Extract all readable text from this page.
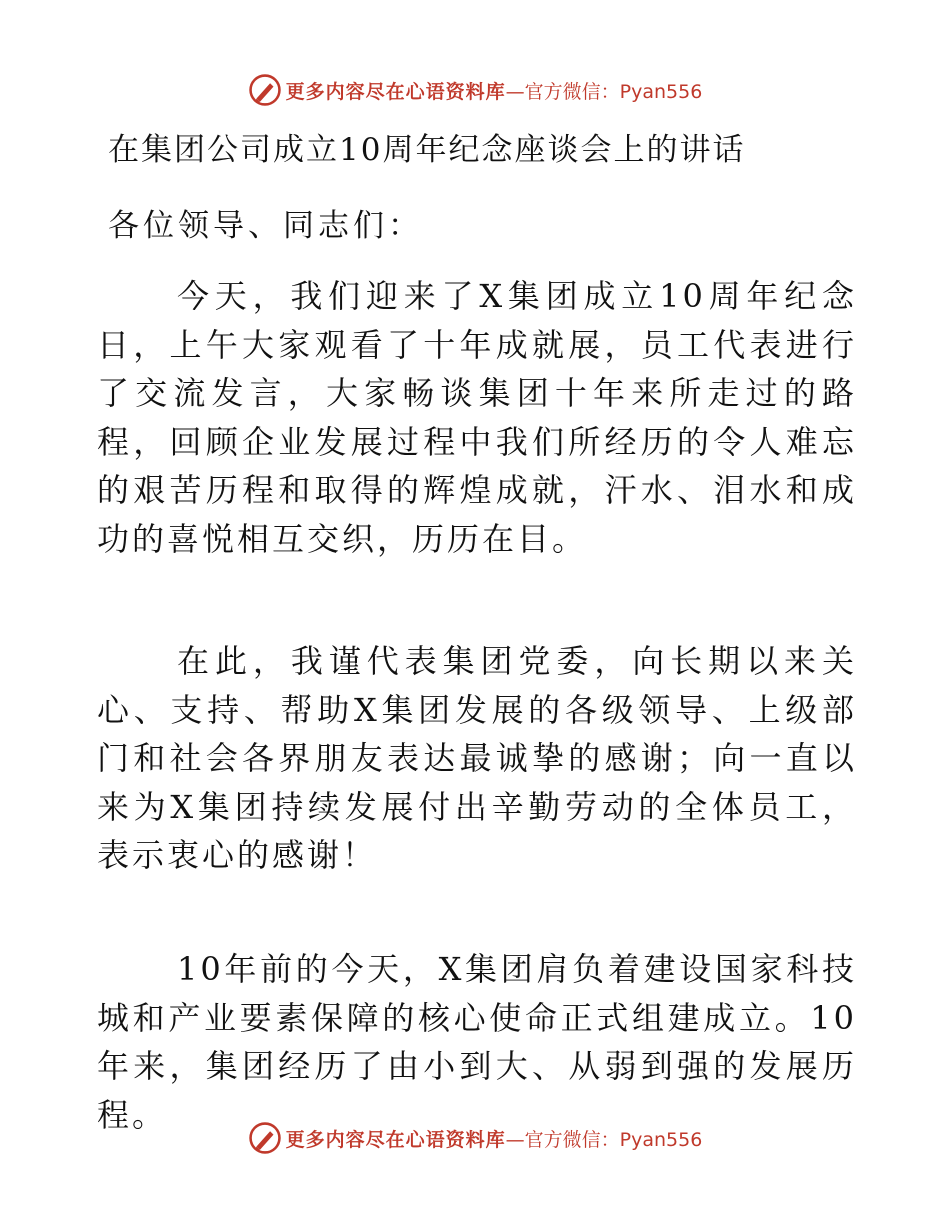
更多内容尽在心语资料库 —官方微信：Pyan556
在集团公司成立10周年纪念座谈会上的讲话
各位领导、同志们：

今天，我们迎来了X集团成立10周年纪念日，上午大家观看了十年成就展，员工代表进行了交流发言，大家畅谈集团十年来所走过的路程，回顾企业发展过程中我们所经历的令人难忘的艰苦历程和取得的辉煌成就，汗水、泪水和成功的喜悦相互交织，历历在目。

在此，我谨代表集团党委，向长期以来关心、支持、帮助X集团发展的各级领导、上级部门和社会各界朋友表达最诚挚的感谢；向一直以来为X集团持续发展付出辛勤劳动的全体员工，表示衷心的感谢！

10年前的今天，X集团肩负着建设国家科技城和产业要素保障的核心使命正式组建成立。10年来，集团经历了由小到大、从弱到强的发展历程。

更多内容尽在心语资料库 —官方微信：Pyan556
